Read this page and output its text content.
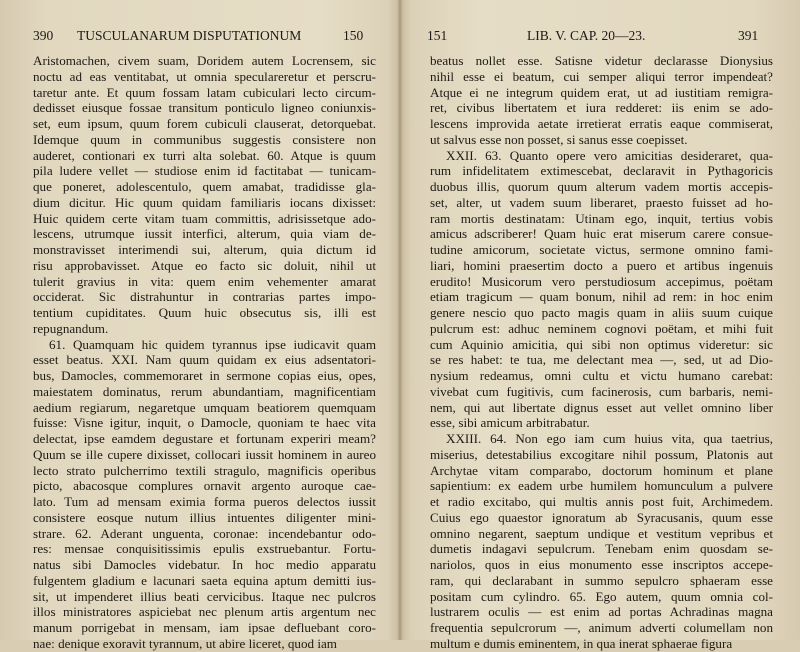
390 TUSCULANARUM DISPUTATIONUM	150
Aristomachen, civem suam, Doridem autem Locrensem, sic
noctu ad eas ventitabat, ut omnia speculareretur et perscru-
taretur ante. Et quum fossam latam cubiculari lecto circum-
dedisset eiusque fossae transitum ponticulo ligneo coniunxis-
set, eum ipsum, quum forem cubiculi clauserat, detorquebat.
Idemque quum in communibus suggestis consistere non
auderet, contionari ex turri alta solebat. 60. Atque is quum
pila ludere vellet — studiose enim id factitabat — tunicam-
que poneret, adolescentulo, quem amabat, tradidisse gla-
dium dicitur. Hic quum quidam familiaris iocans dixisset:
Huic quidem certe vitam tuam committis, adrisissetque ado-
lescens, utrumque iussit interfici, alterum, quia viam de-
monstravisset interimendi sui, alterum, quia dictum id
risu approbavisset. Atque eo facto sic doluit, nihil ut
tulerit gravius in vita: quem enim vehementer amarat
occiderat. Sic distrahuntur in contrarias partes impo-
tentium cupiditates. Quum huic obsecutus sis, illi est
repugnandum.
61. Quamquam hic quidem tyrannus ipse iudicavit quam
esset beatus. XXI. Nam quum quidam ex eius adsentatori-
bus, Damocles, commemoraret in sermone copias eius, opes,
maiestatem dominatus, rerum abundantiam, magnificentiam
aedium regiarum, negaretque umquam beatiorem quemquam
fuisse: Visne igitur, inquit, o Damocle, quoniam te haec vita
delectat, ipse eamdem degustare et fortunam experiri meam?
Quum se ille cupere dixisset, collocari iussit hominem in aureo
lecto strato pulcherrimo textili stragulo, magnificis operibus
picto, abacosque complures ornavit argento auroque cae-
lato. Tum ad mensam eximia forma pueros delectos iussit
consistere eosque nutum illius intuentes diligenter mini-
strare. 62. Aderant unguenta, coronae: incendebantur odo-
res: mensae conquisitissimis epulis exstruebantur. Fortu-
natus sibi Damocles videbatur. In hoc medio apparatu
fulgentem gladium e lacunari saeta equina aptum demitti ius-
sit, ut impenderet illius beati cervicibus. Itaque nec pulcros
illos ministratores aspiciebat nec plenum artis argentum nec
manum porrigebat in mensam, iam ipsae defluebant coro-
nae: denique exoravit tyrannum, ut abire liceret, quod iam
151	LIB. V. CAP. 20—23.	391
beatus nollet esse. Satisne videtur declarasse Dionysius
nihil esse ei beatum, cui semper aliqui terror impendeat?
Atque ei ne integrum quidem erat, ut ad iustitiam remigra-
ret, civibus libertatem et iura redderet: iis enim se ado-
lescens improvida aetate irretierat erratis eaque commiserat,
ut salvus esse non posset, si sanus esse coepisset.
XXII. 63. Quanto opere vero amicitias desideraret, qua-
rum infidelitatem extimescebat, declaravit in Pythagoricis
duobus illis, quorum quum alterum vadem mortis accepis-
set, alter, ut vadem suum liberaret, praesto fuisset ad ho-
ram mortis destinatam: Utinam ego, inquit, tertius vobis
amicus adscriberer! Quam huic erat miserum carere consue-
tudine amicorum, societate victus, sermone omnino fami-
liari, homini praesertim docto a puero et artibus ingenuis
erudito! Musicorum vero perstudiosum accepimus, poëtam
etiam tragicum — quam bonum, nihil ad rem: in hoc enim
genere nescio quo pacto magis quam in aliis suum cuique
pulcrum est: adhuc neminem cognovi poëtam, et mihi fuit
cum Aquinio amicitia, qui sibi non optimus videretur: sic
se res habet: te tua, me delectant mea —, sed, ut ad Dio-
nysium redeamus, omni cultu et victu humano carebat:
vivebat cum fugitivis, cum facinerosis, cum barbaris, nemi-
nem, qui aut libertate dignus esset aut vellet omnino liber
esse, sibi amicum arbitrabatur.
XXIII. 64. Non ego iam cum huius vita, qua taetrius,
miserius, detestabilius excogitare nihil possum, Platonis aut
Archytae vitam comparabo, doctorum hominum et plane
sapientium: ex eadem urbe humilem homunculum a pulvere
et radio excitabo, qui multis annis post fuit, Archimedem.
Cuius ego quaestor ignoratum ab Syracusanis, quum esse
omnino negarent, saeptum undique et vestitum vepribus et
dumetis indagavi sepulcrum. Tenebam enim quosdam se-
nariolos, quos in eius monumento esse inscriptos accepe-
ram, qui declarabant in summo sepulcro sphaeram esse
positam cum cylindro. 65. Ego autem, quum omnia col-
lustrarem oculis — est enim ad portas Achradinas magna
frequentia sepulcrorum —, animum adverti columellam non
multum e dumis eminentem, in qua inerat sphaerae figura
